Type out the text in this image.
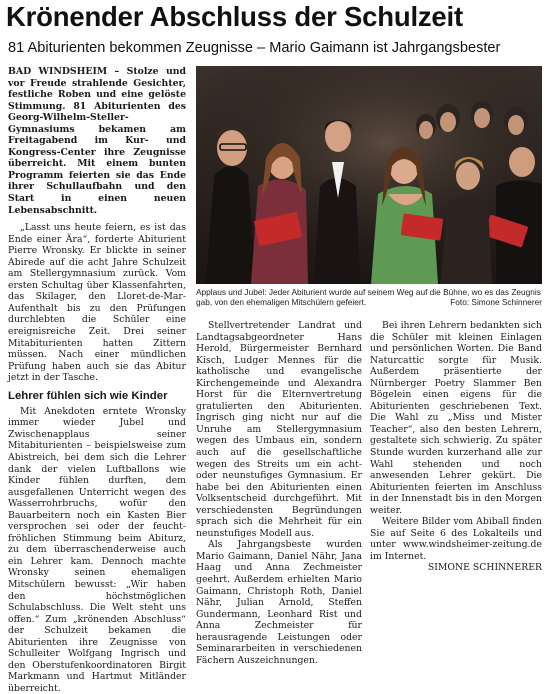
Krönender Abschluss der Schulzeit
81 Abiturienten bekommen Zeugnisse – Mario Gaimann ist Jahrgangsbester

BAD WINDSHEIM – Stolze und vor Freude strahlende Gesichter, festliche Roben und eine gelöste Stimmung. 81 Abiturienten des Georg-Wilhelm-Steller-Gymnasiums bekamen am Freitagabend im Kur- und Kongress-Center ihre Zeugnisse überreicht. Mit einem bunten Programm feierten sie das Ende ihrer Schullaufbahn und den Start in einen neuen Lebensabschnitt.

„Lasst uns heute feiern, es ist das Ende einer Ära“, forderte Abiturient Pierre Wronsky. Er blickte in seiner Abirede auf die acht Jahre Schulzeit am Stellergymnasium zurück. Vom ersten Schultag über Klassenfahrten, das Skilager, den Lloret-de-Mar-Aufenthalt bis zu den Prüfungen durchlebten die Schüler eine ereignisreiche Zeit. Drei seiner Mitabiturienten hatten Zittern müssen. Nach einer mündlichen Prüfung haben auch sie das Abitur jetzt in der Tasche.

Lehrer fühlen sich wie Kinder

Mit Anekdoten erntete Wronsky immer wieder Jubel und Zwischenapplaus seiner Mitabiturienten – beispielsweise zum Abistreich, bei dem sich die Lehrer dank der vielen Luftballons wie Kinder fühlen durften, dem ausgefallenen Unterricht wegen des Wasserrohrbruchs, wofür den Bauarbeitern noch ein Kasten Bier versprochen sei oder der feucht-fröhlichen Stimmung beim Abiturz, zu dem überraschenderweise auch ein Lehrer kam. Dennoch machte Wronsky seinen ehemaligen Mitschülern bewusst: „Wir haben den höchstmöglichen Schulabschluss. Die Welt steht uns offen.“ Zum „krönenden Abschluss“ der Schulzeit bekamen die Abiturienten ihre Zeugnisse von Schulleiter Wolfgang Ingrisch und den Oberstufenkoordinatoren Birgit Markmann und Hartmut Mitländer überreicht.

Applaus und Jubel: Jeder Abiturient wurde auf seinem Weg auf die Bühne, wo es das Zeugnis gab, von den ehemaligen Mitschülern gefeiert.	Foto: Simone Schinnerer

Stellvertretender Landrat und Landtagsabgeordneter Hans Herold, Bürgermeister Bernhard Kisch, Ludger Mennes für die katholische und evangelische Kirchengemeinde und Alexandra Horst für die Elternvertretung gratulierten den Abiturienten. Ingrisch ging nicht nur auf die Unruhe am Stellergymnasium wegen des Umbaus ein, sondern auch auf die gesellschaftliche wegen des Streits um ein acht- oder neunstufiges Gymnasium. Er habe bei den Abiturienten einen Volksentscheid durchgeführt. Mit verschiedensten Begründungen sprach sich die Mehrheit für ein neunstufiges Modell aus.

Als Jahrgangsbeste wurden Mario Gaimann, Daniel Nähr, Jana Haag und Anna Zechmeister geehrt. Außerdem erhielten Mario Gaimann, Christoph Roth, Daniel Nähr, Julian Arnold, Steffen Gundermann, Leonhard Rist und Anna Zechmeister für herausragende Leistungen oder Seminararbeiten in verschiedenen Fächern Auszeichnungen.

Bei ihren Lehrern bedankten sich die Schüler mit kleinen Einlagen und persönlichen Worten. Die Band Naturcattic sorgte für Musik. Außerdem präsentierte der Nürnberger Poetry Slammer Ben Bögelein einen eigens für die Abiturienten geschriebenen Text. Die Wahl zu „Miss und Mister Teacher“, also den besten Lehrern, gestaltete sich schwierig. Zu später Stunde wurden kurzerhand alle zur Wahl stehenden und noch anwesenden Lehrer gekürt. Die Abiturienten feierten im Anschluss in der Innenstadt bis in den Morgen weiter.

Weitere Bilder vom Abiball finden Sie auf Seite 6 des Lokalteils und unter www.windsheimer-zeitung.de im Internet.

SIMONE SCHINNERER
